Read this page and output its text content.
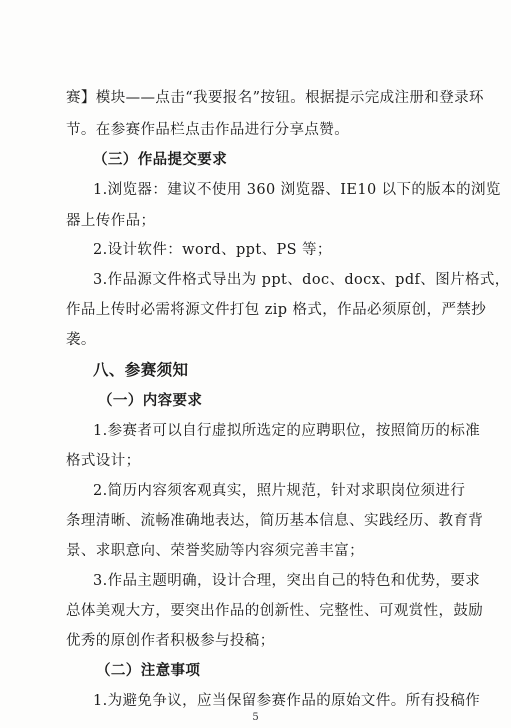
赛】模块——点击“我要报名”按钮。根据提示完成注册和登录环
节。在参赛作品栏点击作品进行分享点赞。
（三）作品提交要求
1.浏览器：建议不使用 360 浏览器、IE10 以下的版本的浏览
器上传作品；
2.设计软件：word、ppt、PS 等；
3.作品源文件格式导出为 ppt、doc、docx、pdf、图片格式，
作品上传时必需将源文件打包 zip 格式，作品必须原创，严禁抄
袭。
八、参赛须知
（一）内容要求
1.参赛者可以自行虚拟所选定的应聘职位，按照简历的标准
格式设计；
2.简历内容须客观真实，照片规范，针对求职岗位须进行
条理清晰、流畅准确地表达，简历基本信息、实践经历、教育背
景、求职意向、荣誉奖励等内容须完善丰富；
3.作品主题明确，设计合理，突出自己的特色和优势，要求
总体美观大方，要突出作品的创新性、完整性、可观赏性，鼓励
优秀的原创作者积极参与投稿；
（二）注意事项
1.为避免争议，应当保留参赛作品的原始文件。所有投稿作
5
